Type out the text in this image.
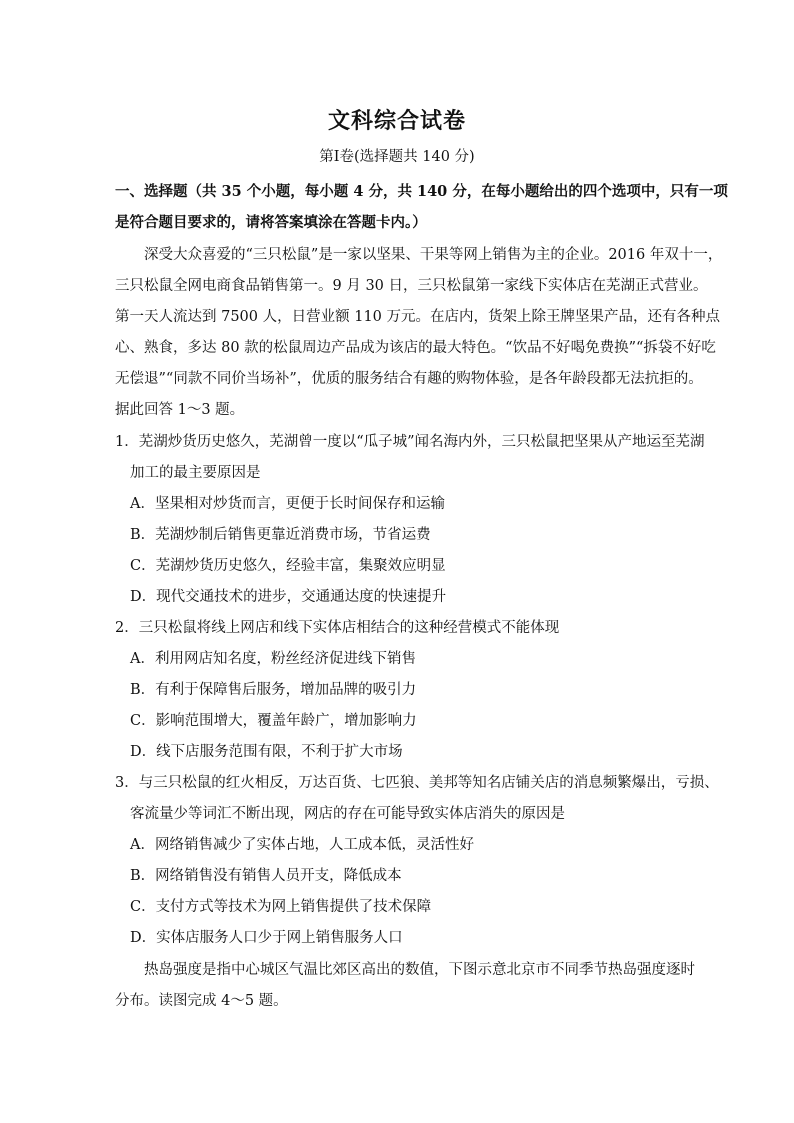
文科综合试卷
第Ⅰ卷(选择题共 140 分)
一、选择题（共 35 个小题，每小题 4 分，共 140 分，在每小题给出的四个选项中，只有一项
是符合题目要求的，请将答案填涂在答题卡内。）
深受大众喜爱的“三只松鼠”是一家以坚果、干果等网上销售为主的企业。2016 年双十一，
三只松鼠全网电商食品销售第一。9 月 30 日，三只松鼠第一家线下实体店在芜湖正式营业。
第一天人流达到 7500 人，日营业额 110 万元。在店内，货架上除王牌坚果产品，还有各种点
心、熟食，多达 80 款的松鼠周边产品成为该店的最大特色。“饮品不好喝免费换”“拆袋不好吃
无偿退”“同款不同价当场补”，优质的服务结合有趣的购物体验，是各年龄段都无法抗拒的。
据此回答 1～3 题。
1．芜湖炒货历史悠久，芜湖曾一度以“瓜子城”闻名海内外，三只松鼠把坚果从产地运至芜湖
加工的最主要原因是
A．坚果相对炒货而言，更便于长时间保存和运输
B．芜湖炒制后销售更靠近消费市场，节省运费
C．芜湖炒货历史悠久，经验丰富，集聚效应明显
D．现代交通技术的进步，交通通达度的快速提升
2．三只松鼠将线上网店和线下实体店相结合的这种经营模式不能体现
A．利用网店知名度，粉丝经济促进线下销售
B．有利于保障售后服务，增加品牌的吸引力
C．影响范围增大，覆盖年龄广，增加影响力
D．线下店服务范围有限，不利于扩大市场
3．与三只松鼠的红火相反，万达百货、七匹狼、美邦等知名店铺关店的消息频繁爆出，亏损、
客流量少等词汇不断出现，网店的存在可能导致实体店消失的原因是
A．网络销售减少了实体占地，人工成本低，灵活性好
B．网络销售没有销售人员开支，降低成本
C．支付方式等技术为网上销售提供了技术保障
D．实体店服务人口少于网上销售服务人口
热岛强度是指中心城区气温比郊区高出的数值，下图示意北京市不同季节热岛强度逐时
分布。读图完成 4～5 题。
